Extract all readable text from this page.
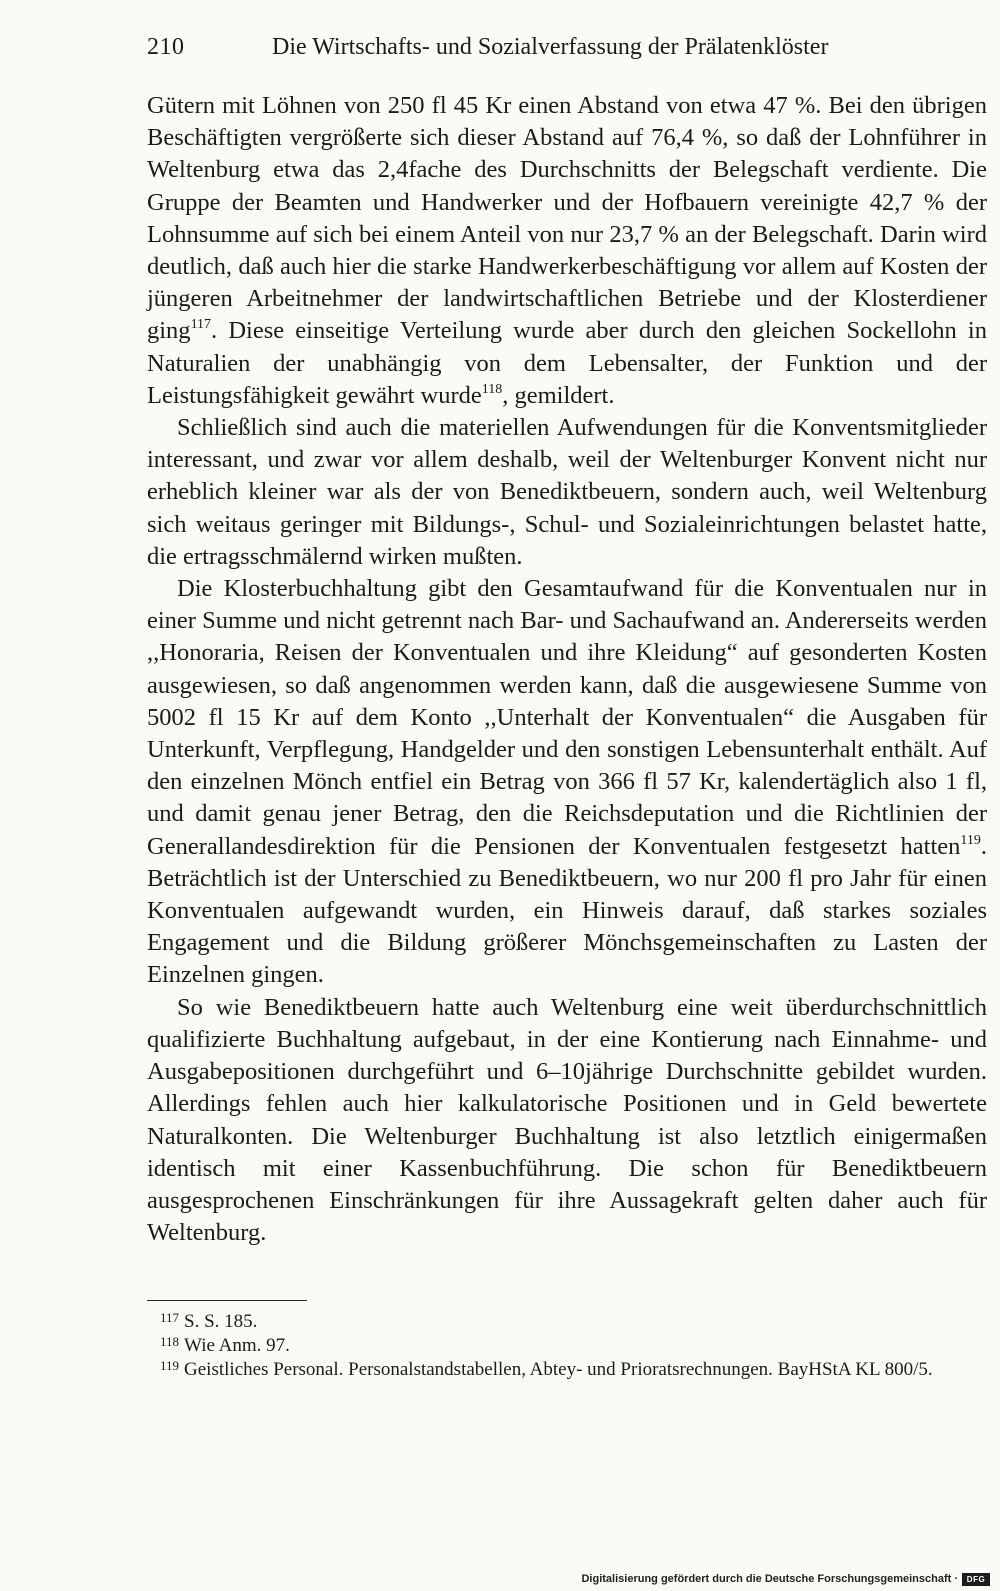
210	Die Wirtschafts- und Sozialverfassung der Prälatenklöster

Gütern mit Löhnen von 250 fl 45 Kr einen Abstand von etwa 47 %. Bei den übrigen Beschäftigten vergrößerte sich dieser Abstand auf 76,4 %, so daß der Lohnführer in Weltenburg etwa das 2,4fache des Durchschnitts der Belegschaft verdiente. Die Gruppe der Beamten und Handwerker und der Hofbauern vereinigte 42,7 % der Lohnsumme auf sich bei einem Anteil von nur 23,7 % an der Belegschaft. Darin wird deutlich, daß auch hier die starke Handwerkerbeschäftigung vor allem auf Kosten der jüngeren Arbeitnehmer der landwirtschaftlichen Betriebe und der Klosterdiener ging$^{117}$. Diese einseitige Verteilung wurde aber durch den gleichen Sockellohn in Naturalien der unabhängig von dem Lebensalter, der Funktion und der Leistungsfähigkeit gewährt wurde$^{118}$, gemildert.

Schließlich sind auch die materiellen Aufwendungen für die Konventsmitglieder interessant, und zwar vor allem deshalb, weil der Weltenburger Konvent nicht nur erheblich kleiner war als der von Benediktbeuern, sondern auch, weil Weltenburg sich weitaus geringer mit Bildungs-, Schul- und Sozialeinrichtungen belastet hatte, die ertragsschmälernd wirken mußten.

Die Klosterbuchhaltung gibt den Gesamtaufwand für die Konventualen nur in einer Summe und nicht getrennt nach Bar- und Sachaufwand an. Andererseits werden ,,Honoraria, Reisen der Konventualen und ihre Kleidung“ auf gesonderten Kosten ausgewiesen, so daß angenommen werden kann, daß die ausgewiesene Summe von 5002 fl 15 Kr auf dem Konto ,,Unterhalt der Konventualen“ die Ausgaben für Unterkunft, Verpflegung, Handgelder und den sonstigen Lebensunterhalt enthält. Auf den einzelnen Mönch entfiel ein Betrag von 366 fl 57 Kr, kalendertäglich also 1 fl, und damit genau jener Betrag, den die Reichsdeputation und die Richtlinien der Generallandesdirektion für die Pensionen der Konventualen festgesetzt hatten$^{119}$. Beträchtlich ist der Unterschied zu Benediktbeuern, wo nur 200 fl pro Jahr für einen Konventualen aufgewandt wurden, ein Hinweis darauf, daß starkes soziales Engagement und die Bildung größerer Mönchsgemeinschaften zu Lasten der Einzelnen gingen.

So wie Benediktbeuern hatte auch Weltenburg eine weit überdurchschnittlich qualifizierte Buchhaltung aufgebaut, in der eine Kontierung nach Einnahme- und Ausgabepositionen durchgeführt und 6–10jährige Durchschnitte gebildet wurden. Allerdings fehlen auch hier kalkulatorische Positionen und in Geld bewertete Naturalkonten. Die Weltenburger Buchhaltung ist also letztlich einigermaßen identisch mit einer Kassenbuchführung. Die schon für Benediktbeuern ausgesprochenen Einschränkungen für ihre Aussagekraft gelten daher auch für Weltenburg.

$^{117}$ S. S. 185.

$^{118}$ Wie Anm. 97.

$^{119}$ Geistliches Personal. Personalstandstabellen, Abtey- und Prioratsrechnungen. BayHStA KL 800/5.

Digitalisierung gefördert durch die Deutsche Forschungsgemeinschaft ·	DFG
